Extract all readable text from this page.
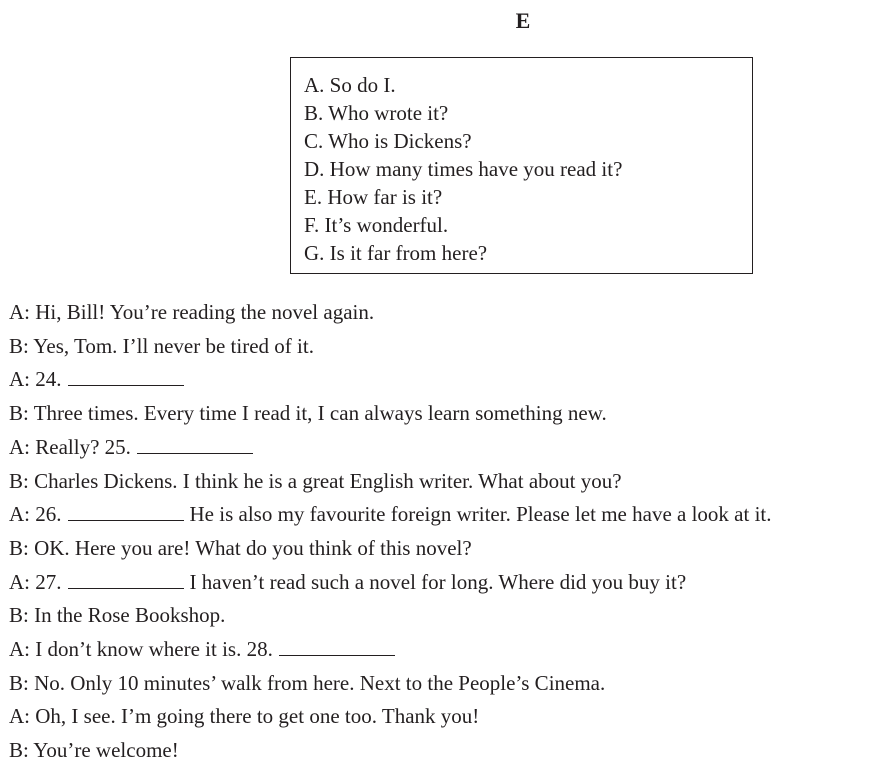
E
A. So do I.
B. Who wrote it?
C. Who is Dickens?
D. How many times have you read it?
E. How far is it?
F. It’s wonderful.
G. Is it far from here?
A: Hi, Bill! You’re reading the novel again.
B: Yes, Tom. I’ll never be tired of it.
A: 24.
B: Three times. Every time I read it, I can always learn something new.
A: Really? 25.
B: Charles Dickens. I think he is a great English writer. What about you?
A: 26.	He is also my favourite foreign writer. Please let me have a look at it.
B: OK. Here you are! What do you think of this novel?
A: 27.	I haven’t read such a novel for long. Where did you buy it?
B: In the Rose Bookshop.
A: I don’t know where it is. 28.
B: No. Only 10 minutes’ walk from here. Next to the People’s Cinema.
A: Oh, I see. I’m going there to get one too. Thank you!
B: You’re welcome!
